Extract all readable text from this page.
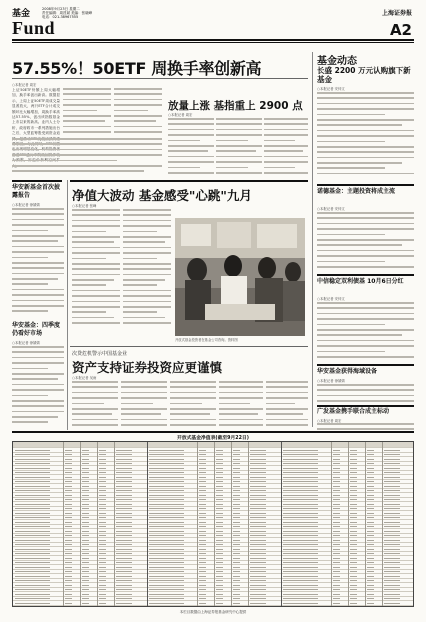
基金	2008年9月23日 星期二
责任编辑：周昌斌 美编：张晓峰
电话：021-38967555
Fund
上海证券报
A2
基金动态
长盛 2200 万元认购旗下新基金
○本报记者 安仲文
57.55%！50ETF 周换手率创新高
○本报记者 周宏
上证50ETF份额上周大幅增加，换手率创出新高。数据显示，上周上证50ETF周成交量显著放大，两只ETF合计成交额环比大幅增加，周换手率高达57.55%，创出该指数基金上市以来的新高。业内人士分析，政府救市一系列措施出台之后，大型蓝筹股受到资金追
放量上涨 基指重上 2900 点
○本报记者 周宏
华安新基金首次披露报告
○本报记者 徐婧婧
华安基金：四季度仍看好市场
○本报记者 徐婧婧
净值大波动 基金感受"心跳"九月
○本报记者 张峰
开放式基金投资者在基金公司咨询。资料图
次贷危机警示中国基金业
资产支持证券投资应更谨慎
○本报记者 吴雨
诺德基金：主题投资将成主流
○本报记者 安仲文
中信稳定双利债基 10月6日分红
○本报记者 安仲文
华安基金获得海域设备
○本报记者 徐婧婧
广发基金携手联合成主标动
○本报记者 周宏
开放式基金净值表(截至9月22日)
本栏目数据由上海证券报基金研究中心提供
